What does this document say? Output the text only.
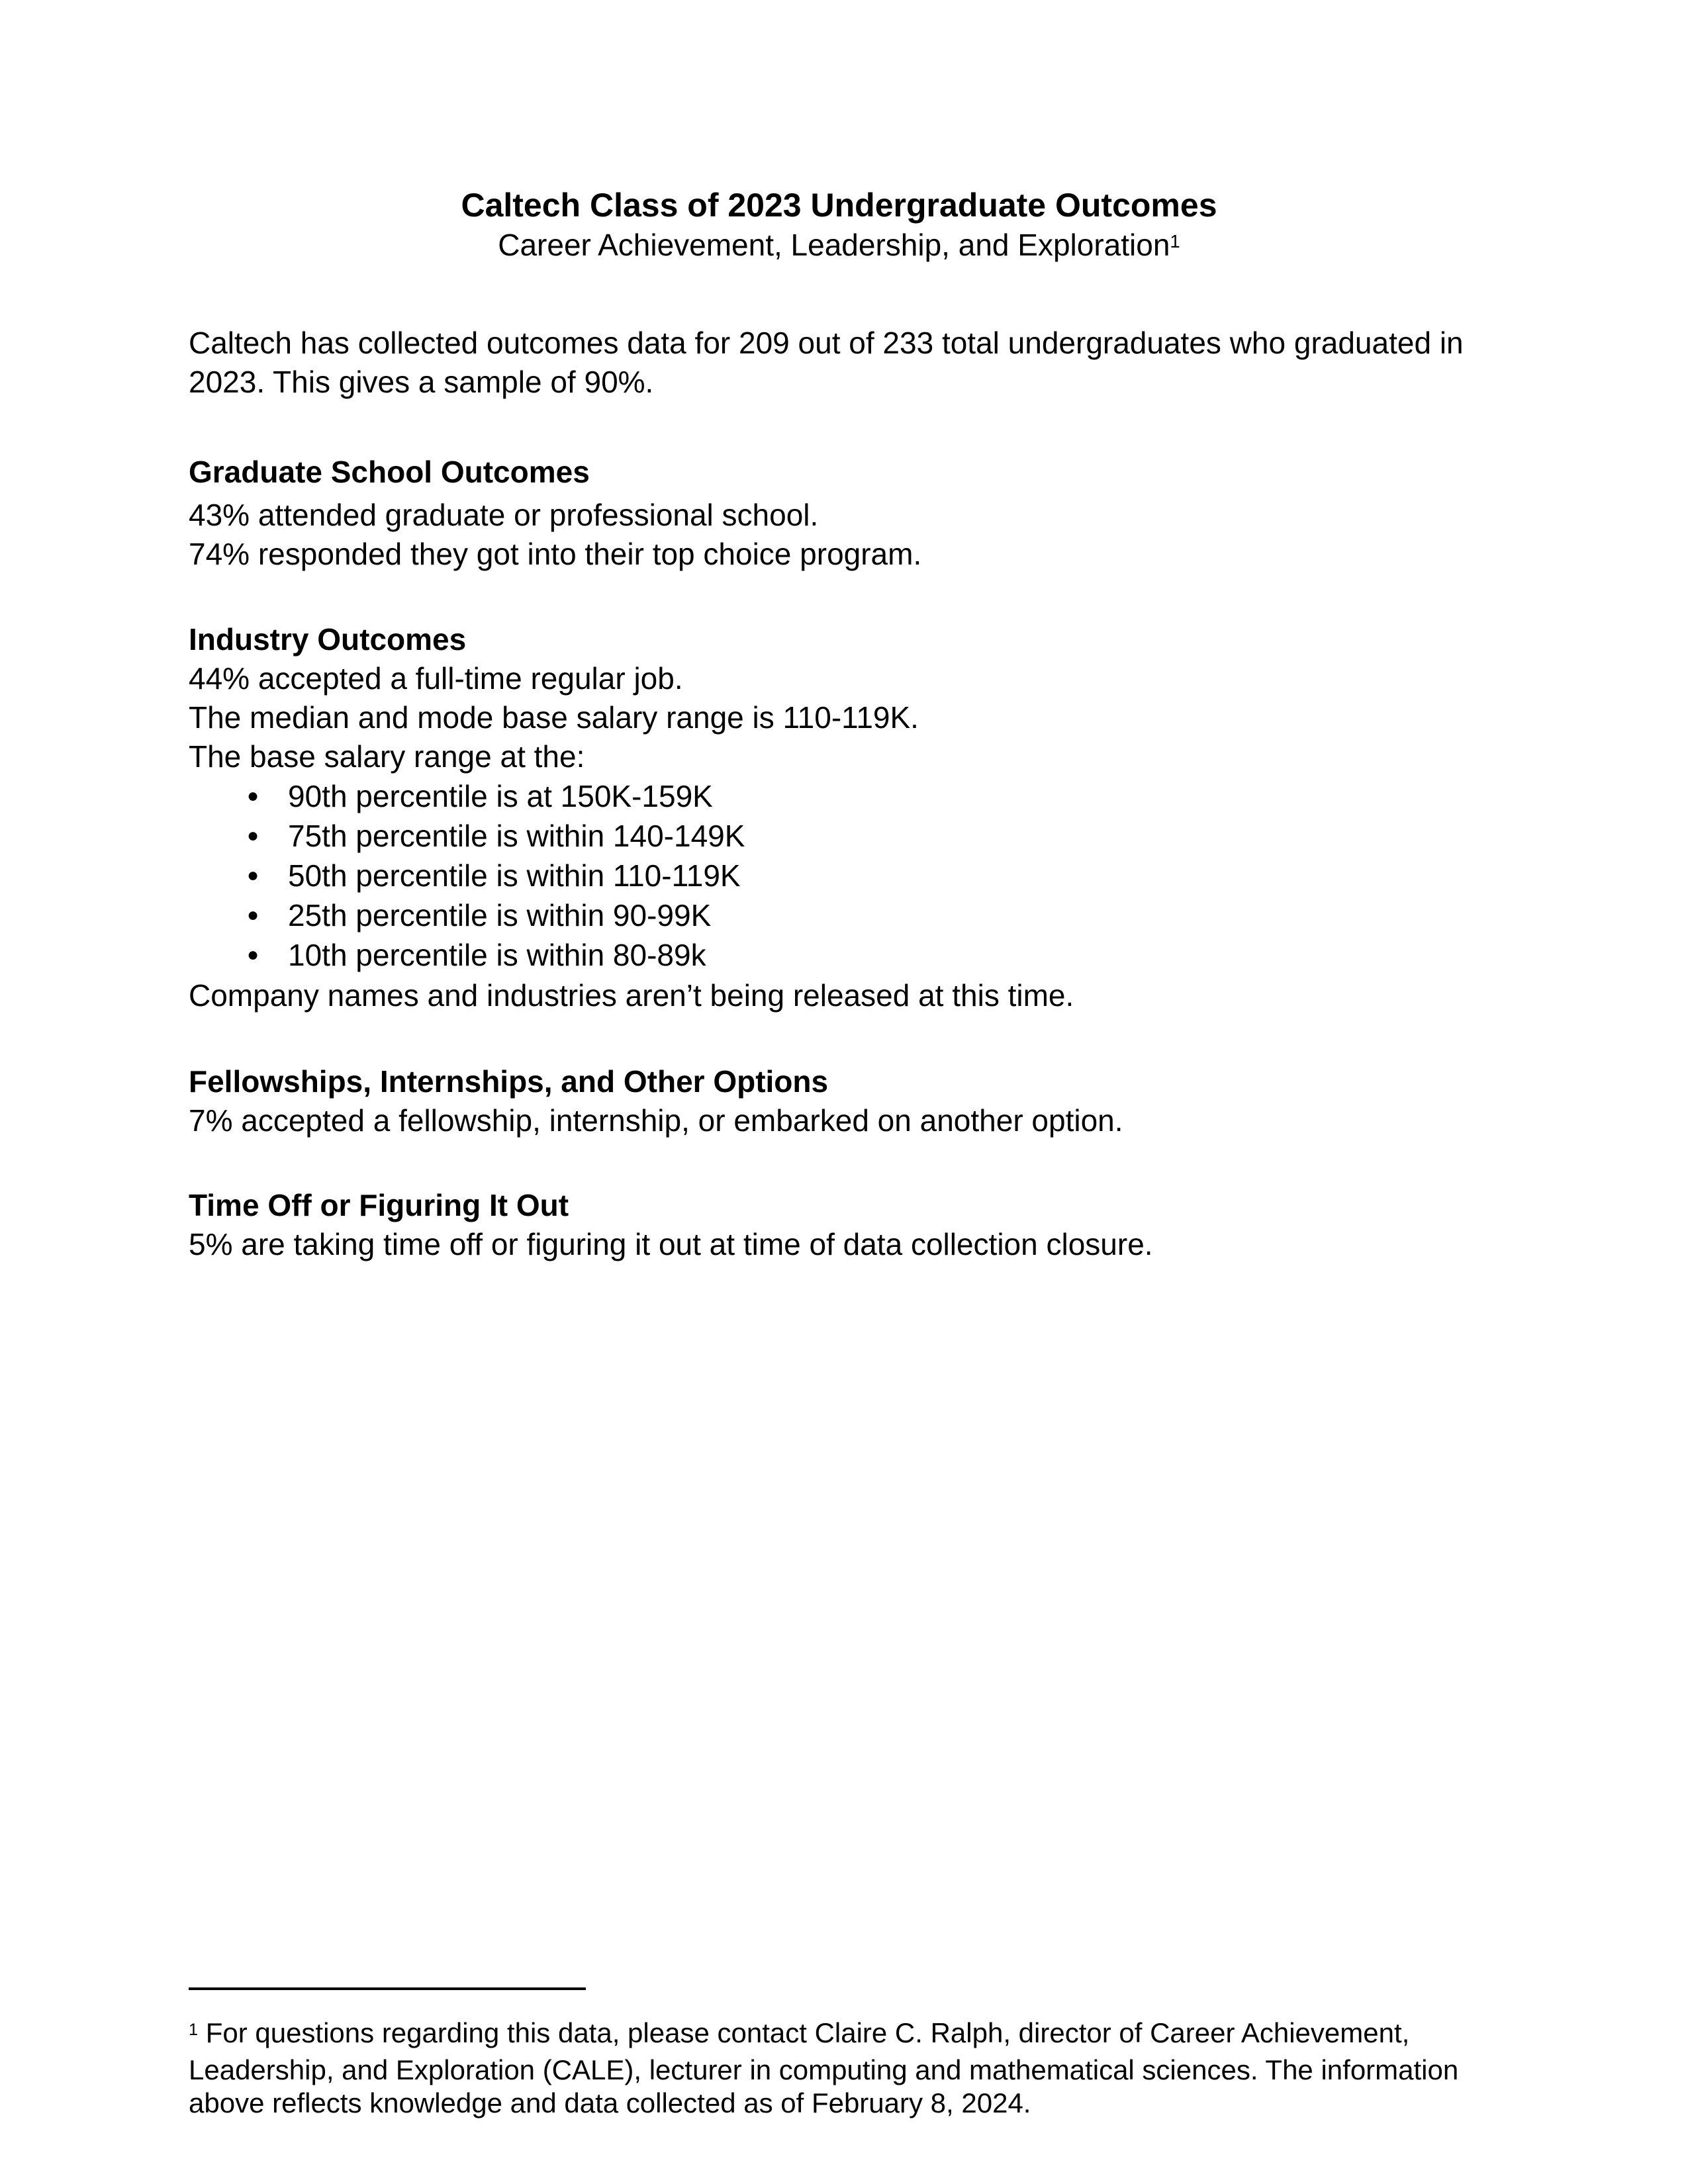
Caltech Class of 2023 Undergraduate Outcomes
Career Achievement, Leadership, and Exploration$^1$
Caltech has collected outcomes data for 209 out of 233 total undergraduates who graduated in
2023. This gives a sample of 90%.
Graduate School Outcomes
43% attended graduate or professional school.
74% responded they got into their top choice program.
Industry Outcomes
44% accepted a full-time regular job.
The median and mode base salary range is 110-119K.
The base salary range at the:
● 90th percentile is at 150K-159K
● 75th percentile is within 140-149K
● 50th percentile is within 110-119K
● 25th percentile is within 90-99K
● 10th percentile is within 80-89k
Company names and industries aren’t being released at this time.
Fellowships, Internships, and Other Options
7% accepted a fellowship, internship, or embarked on another option.
Time Off or Figuring It Out
5% are taking time off or figuring it out at time of data collection closure.
$^1$ For questions regarding this data, please contact Claire C. Ralph, director of Career Achievement,
Leadership, and Exploration (CALE), lecturer in computing and mathematical sciences. The information
above reflects knowledge and data collected as of February 8, 2024.
